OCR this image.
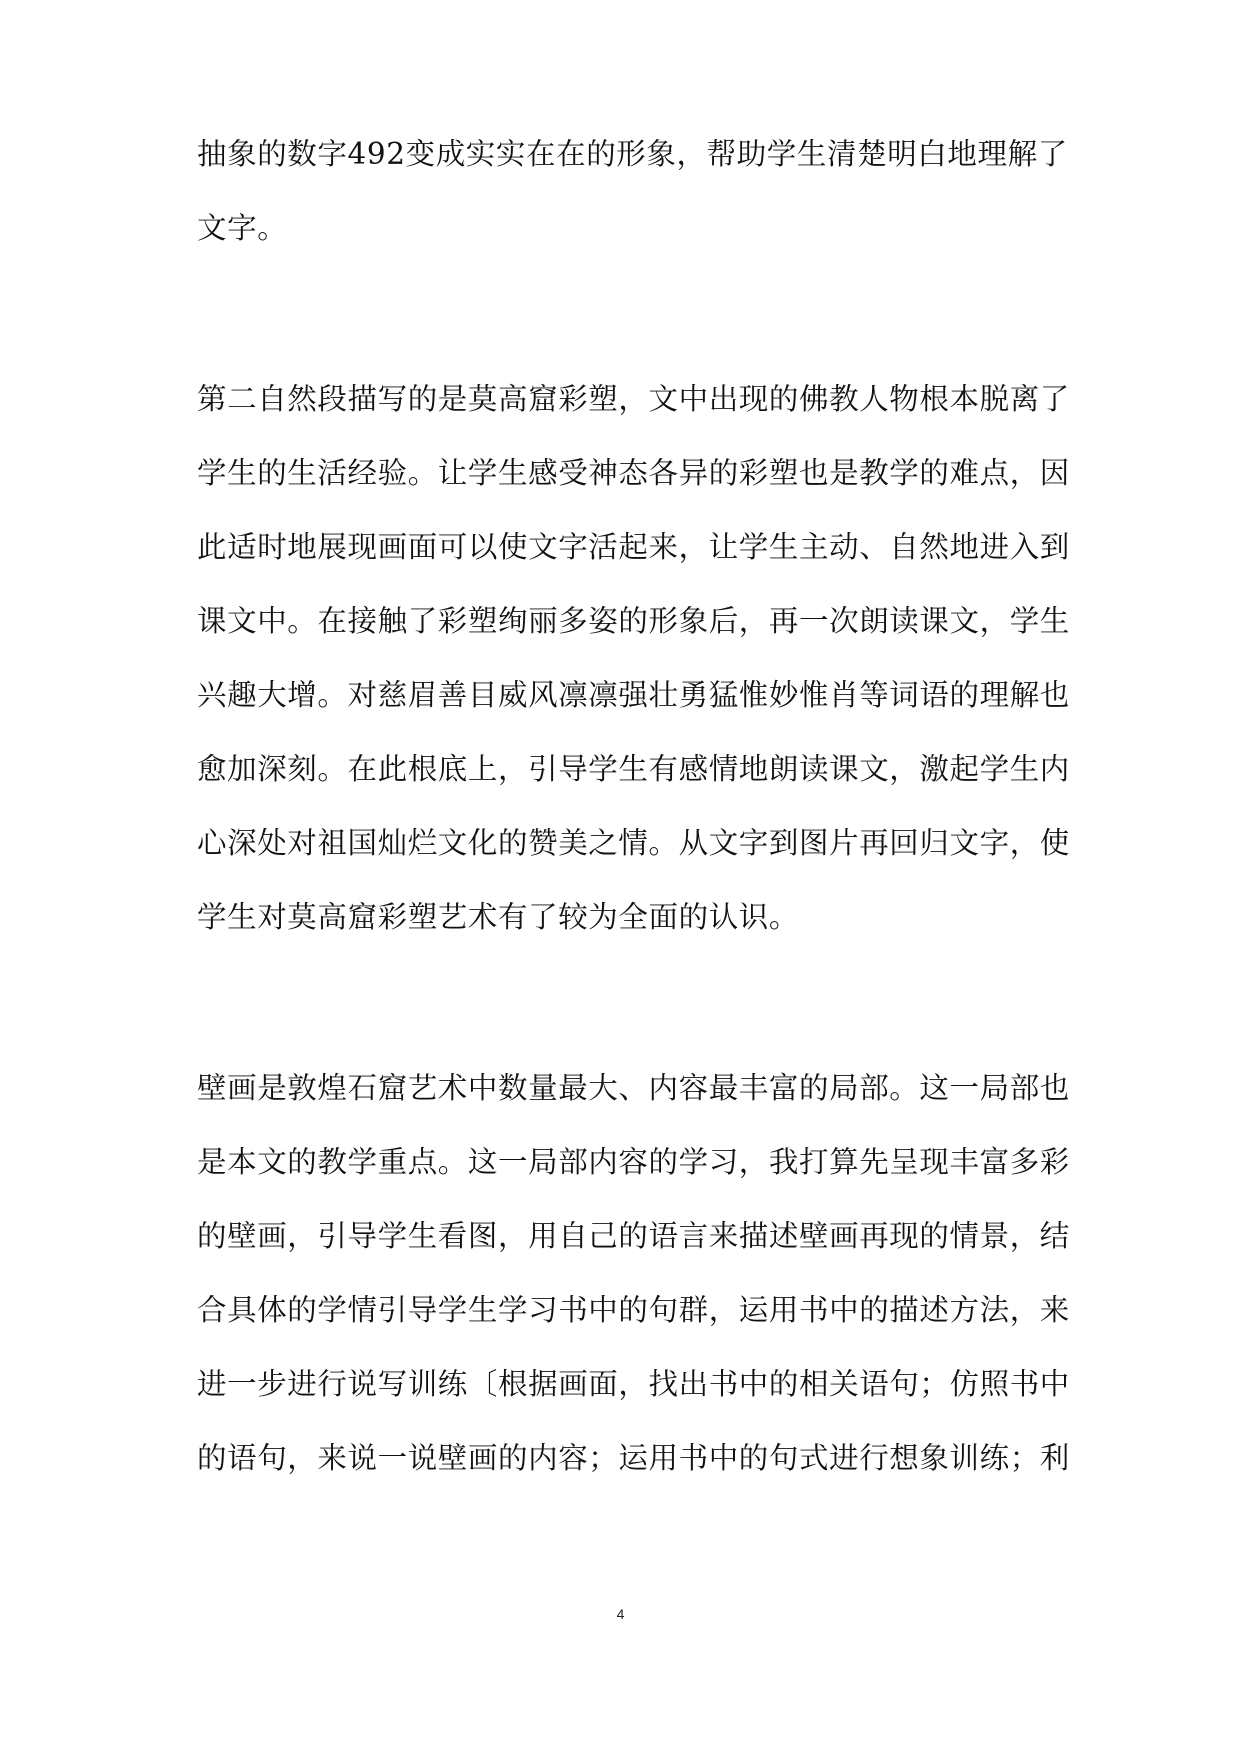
抽象的数字492变成实实在在的形象，帮助学生清楚明白地理解了
文字。
第二自然段描写的是莫高窟彩塑，文中出现的佛教人物根本脱离了
学生的生活经验。让学生感受神态各异的彩塑也是教学的难点，因
此适时地展现画面可以使文字活起来，让学生主动、自然地进入到
课文中。在接触了彩塑绚丽多姿的形象后，再一次朗读课文，学生
兴趣大增。对慈眉善目威风凛凛强壮勇猛惟妙惟肖等词语的理解也
愈加深刻。在此根底上，引导学生有感情地朗读课文，激起学生内
心深处对祖国灿烂文化的赞美之情。从文字到图片再回归文字，使
学生对莫高窟彩塑艺术有了较为全面的认识。
壁画是敦煌石窟艺术中数量最大、内容最丰富的局部。这一局部也
是本文的教学重点。这一局部内容的学习，我打算先呈现丰富多彩
的壁画，引导学生看图，用自己的语言来描述壁画再现的情景，结
合具体的学情引导学生学习书中的句群，运用书中的描述方法，来
进一步进行说写训练〔根据画面，找出书中的相关语句；仿照书中
的语句，来说一说壁画的内容；运用书中的句式进行想象训练；利
4
